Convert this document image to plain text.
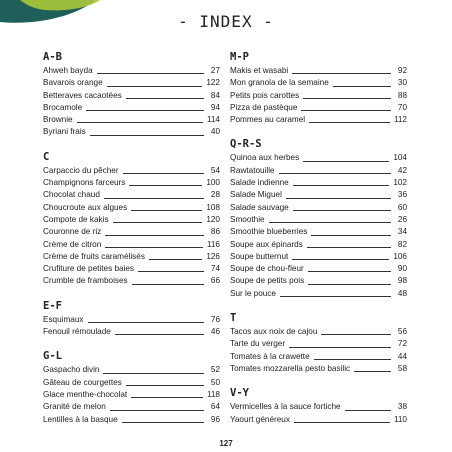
- INDEX -
A-B
Ahweh bayda	27
Bavarois orange	122
Betteraves cacaotées	84
Brocamole	94
Brownie	114
Byriani frais	40
C
Carpaccio du pêcher	54
Champignons farceurs	100
Chocolat chaud	28
Choucroute aux algues	108
Compote de kakis	120
Couronne de riz	86
Crème de citron	116
Crème de fruits caramélisés	126
Crufiture de petites baies	74
Crumble de framboises	66
E-F
Esquimaux	76
Fenouil rémoulade	46
G-L
Gaspacho divin	52
Gâteau de courgettes	50
Glace menthe-chocolat	118
Granité de melon	64
Lentilles à la basque	96
M-P
Makis et wasabi	92
Mon granola de la semaine	30
Petits pois carottes	88
Pizza de pastèque	70
Pommes au caramel	112
Q-R-S
Quinoa aux herbes	104
Rawtatouille	42
Salade indienne	102
Salade Miguel	36
Salade sauvage	60
Smoothie	26
Smoothie blueberries	34
Soupe aux épinards	82
Soupe butternut	106
Soupe de chou-fleur	90
Soupe de petits pois	98
Sur le pouce	48
T
Tacos aux noix de cajou	56
Tarte du verger	72
Tomates à la crawette	44
Tomates mozzarella pesto basilic	58
V-Y
Vermicelles à la sauce fortiche	38
Yaourt généreux	110
127
